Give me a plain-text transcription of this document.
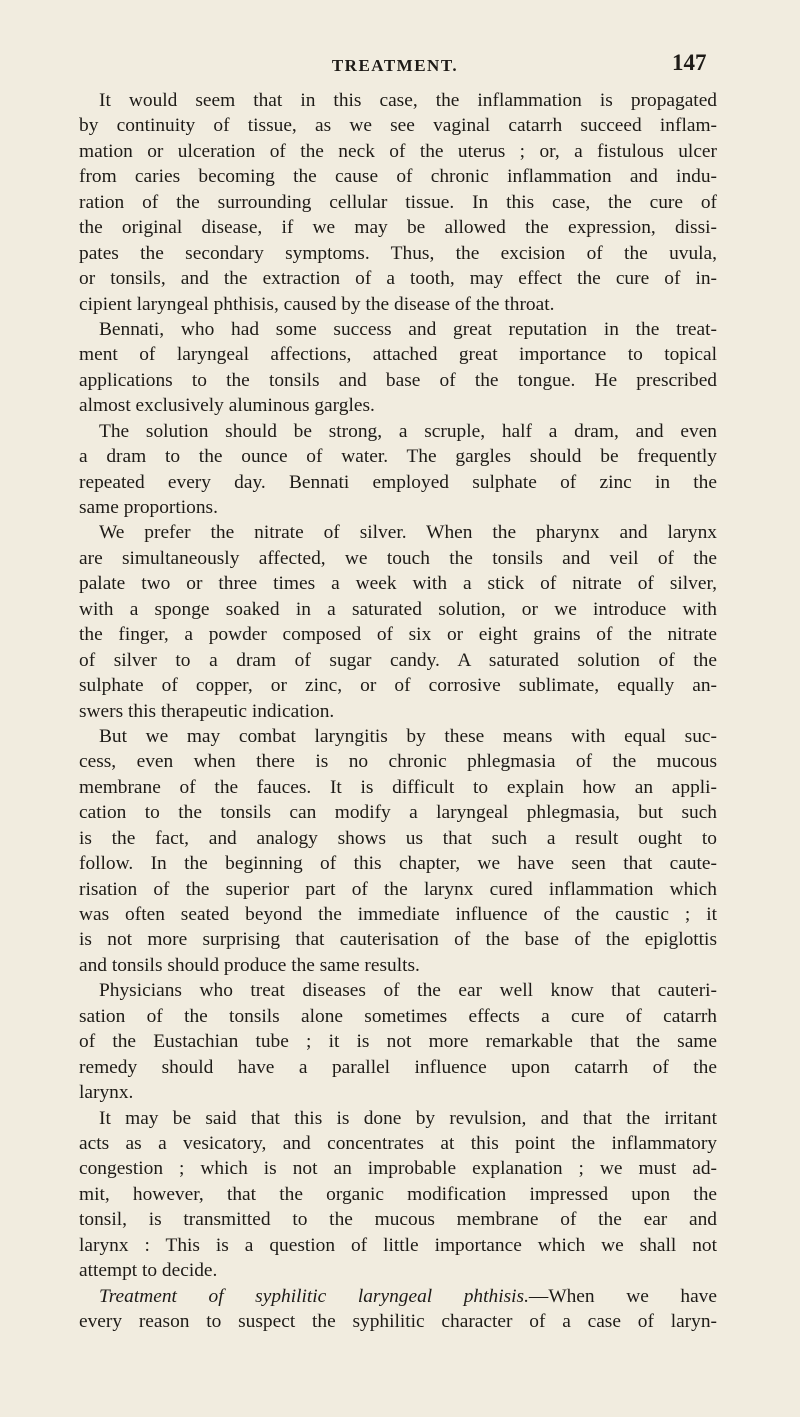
TREATMENT.	147
It would seem that in this case, the inflammation is propagated
by continuity of tissue, as we see vaginal catarrh succeed inflam-
mation or ulceration of the neck of the uterus ; or, a fistulous ulcer
from caries becoming the cause of chronic inflammation and indu-
ration of the surrounding cellular tissue. In this case, the cure of
the original disease, if we may be allowed the expression, dissi-
pates the secondary symptoms. Thus, the excision of the uvula,
or tonsils, and the extraction of a tooth, may effect the cure of in-
cipient laryngeal phthisis, caused by the disease of the throat.
Bennati, who had some success and great reputation in the treat-
ment of laryngeal affections, attached great importance to topical
applications to the tonsils and base of the tongue. He prescribed
almost exclusively aluminous gargles.
The solution should be strong, a scruple, half a dram, and even
a dram to the ounce of water. The gargles should be frequently
repeated every day. Bennati employed sulphate of zinc in the
same proportions.
We prefer the nitrate of silver. When the pharynx and larynx
are simultaneously affected, we touch the tonsils and veil of the
palate two or three times a week with a stick of nitrate of silver,
with a sponge soaked in a saturated solution, or we introduce with
the finger, a powder composed of six or eight grains of the nitrate
of silver to a dram of sugar candy. A saturated solution of the
sulphate of copper, or zinc, or of corrosive sublimate, equally an-
swers this therapeutic indication.
But we may combat laryngitis by these means with equal suc-
cess, even when there is no chronic phlegmasia of the mucous
membrane of the fauces. It is difficult to explain how an appli-
cation to the tonsils can modify a laryngeal phlegmasia, but such
is the fact, and analogy shows us that such a result ought to
follow. In the beginning of this chapter, we have seen that caute-
risation of the superior part of the larynx cured inflammation which
was often seated beyond the immediate influence of the caustic ; it
is not more surprising that cauterisation of the base of the epiglottis
and tonsils should produce the same results.
Physicians who treat diseases of the ear well know that cauteri-
sation of the tonsils alone sometimes effects a cure of catarrh
of the Eustachian tube ; it is not more remarkable that the same
remedy should have a parallel influence upon catarrh of the
larynx.
It may be said that this is done by revulsion, and that the irritant
acts as a vesicatory, and concentrates at this point the inflammatory
congestion ; which is not an improbable explanation ; we must ad-
mit, however, that the organic modification impressed upon the
tonsil, is transmitted to the mucous membrane of the ear and
larynx : This is a question of little importance which we shall not
attempt to decide.
Treatment of syphilitic laryngeal phthisis.—When we have
every reason to suspect the syphilitic character of a case of laryn-
